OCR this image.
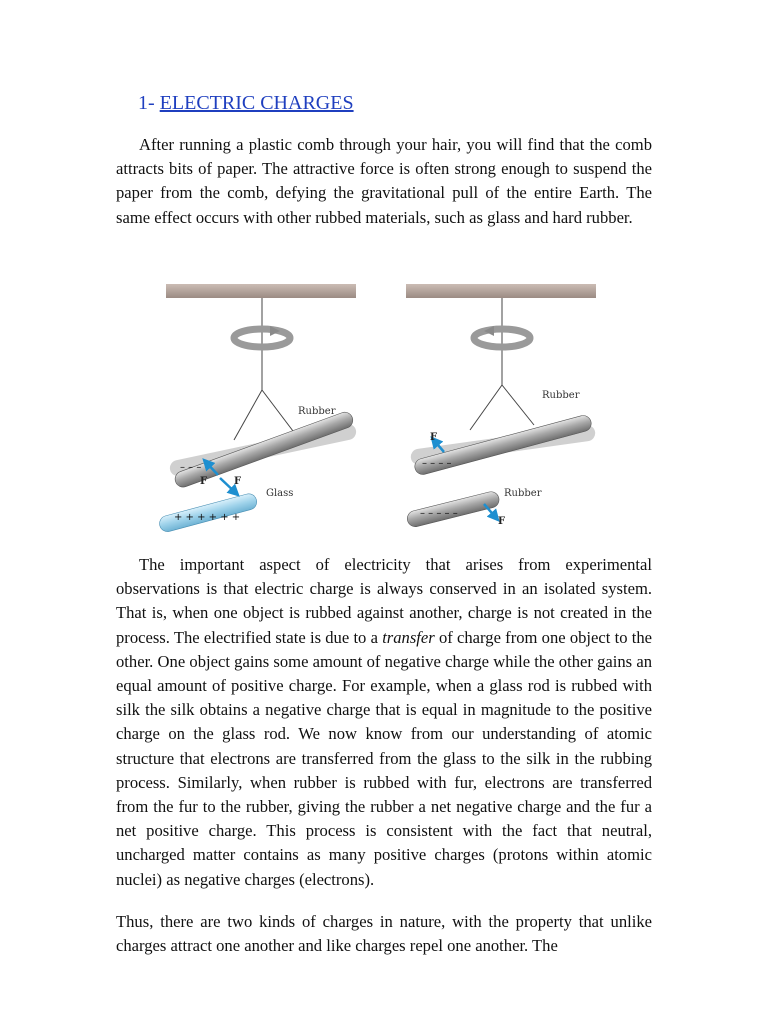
1- ELECTRIC CHARGES

After running a plastic comb through your hair, you will find that the comb attracts bits of paper. The attractive force is often strong enough to suspend the paper from the comb, defying the gravitational pull of the entire Earth. The same effect occurs with other rubbed materials, such as glass and hard rubber.

– – – –
+ + + + + +
Rubber
Glass
F	F
– – – –
– – – – –
Rubber
Rubber
F
F

The important aspect of electricity that arises from experimental observations is that electric charge is always conserved in an isolated system. That is, when one object is rubbed against another, charge is not created in the process. The electrified state is due to a transfer of charge from one object to the other. One object gains some amount of negative charge while the other gains an equal amount of positive charge. For example, when a glass rod is rubbed with silk the silk obtains a negative charge that is equal in magnitude to the positive charge on the glass rod. We now know from our understanding of atomic structure that electrons are transferred from the glass to the silk in the rubbing process. Similarly, when rubber is rubbed with fur, electrons are transferred from the fur to the rubber, giving the rubber a net negative charge and the fur a net positive charge. This process is consistent with the fact that neutral, uncharged matter contains as many positive charges (protons within atomic nuclei) as negative charges (electrons).

Thus, there are two kinds of charges in nature, with the property that unlike charges attract one another and like charges repel one another. The
